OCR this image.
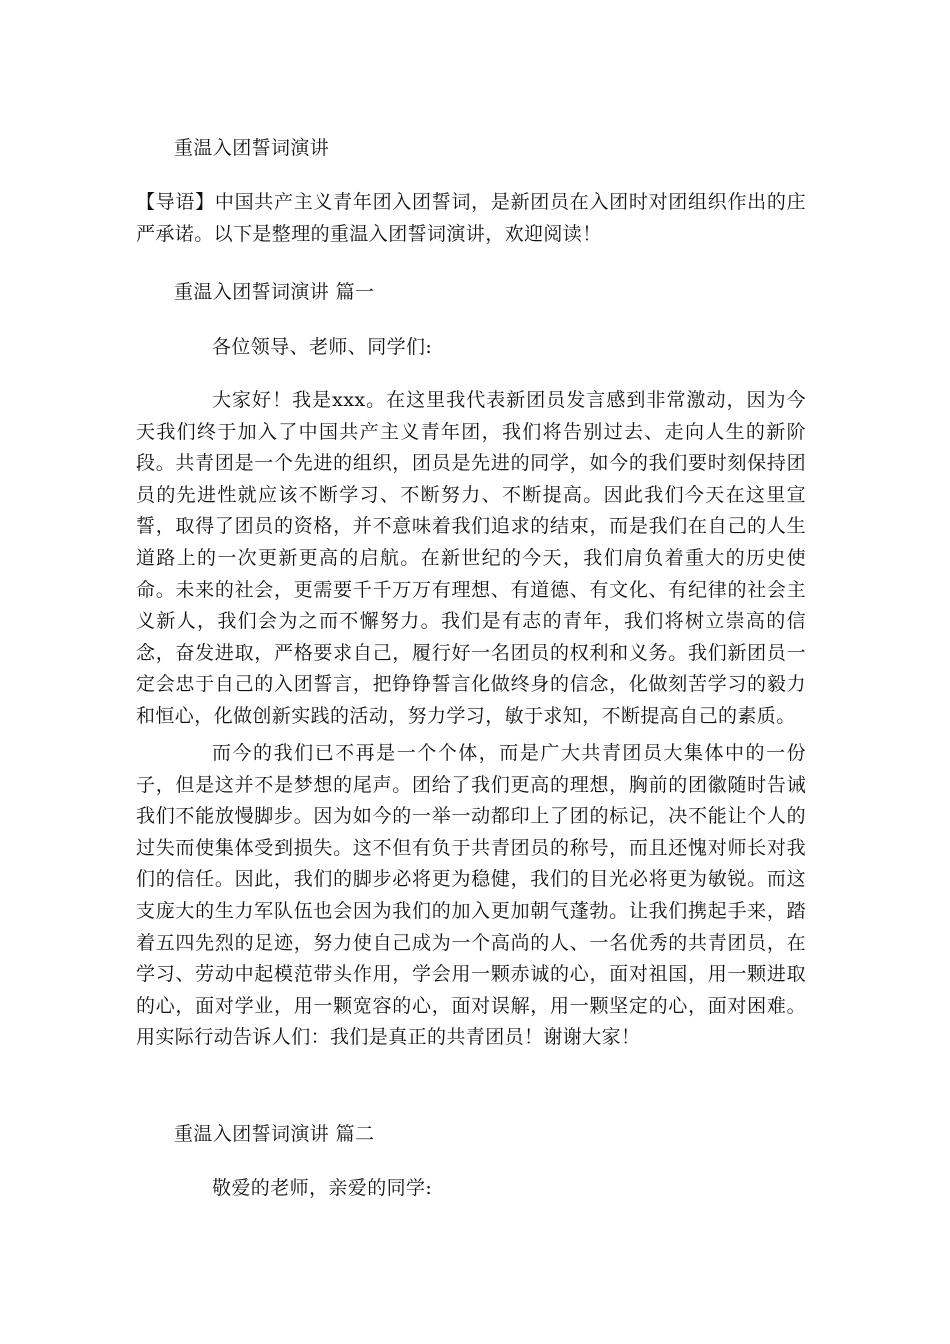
重温入团誓词演讲

【导语】中国共产主义青年团入团誓词，是新团员在入团时对团组织作出的庄严承诺。以下是整理的重温入团誓词演讲，欢迎阅读！

重温入团誓词演讲 篇一

各位领导、老师、同学们:

大家好！我是xxx。在这里我代表新团员发言感到非常激动，因为今天我们终于加入了中国共产主义青年团，我们将告别过去、走向人生的新阶段。共青团是一个先进的组织，团员是先进的同学，如今的我们要时刻保持团员的先进性就应该不断学习、不断努力、不断提高。因此我们今天在这里宣誓，取得了团员的资格，并不意味着我们追求的结束，而是我们在自己的人生道路上的一次更新更高的启航。在新世纪的今天，我们肩负着重大的历史使命。未来的社会，更需要千千万万有理想、有道德、有文化、有纪律的社会主义新人，我们会为之而不懈努力。我们是有志的青年，我们将树立崇高的信念，奋发进取，严格要求自己，履行好一名团员的权利和义务。我们新团员一定会忠于自己的入团誓言，把铮铮誓言化做终身的信念，化做刻苦学习的毅力和恒心，化做创新实践的活动，努力学习，敏于求知，不断提高自己的素质。

而今的我们已不再是一个个体，而是广大共青团员大集体中的一份子，但是这并不是梦想的尾声。团给了我们更高的理想，胸前的团徽随时告诫我们不能放慢脚步。因为如今的一举一动都印上了团的标记，决不能让个人的过失而使集体受到损失。这不但有负于共青团员的称号，而且还愧对师长对我们的信任。因此，我们的脚步必将更为稳健，我们的目光必将更为敏锐。而这支庞大的生力军队伍也会因为我们的加入更加朝气蓬勃。让我们携起手来，踏着五四先烈的足迹，努力使自己成为一个高尚的人、一名优秀的共青团员，在学习、劳动中起模范带头作用，学会用一颗赤诚的心，面对祖国，用一颗进取的心，面对学业，用一颗宽容的心，面对误解，用一颗坚定的心，面对困难。用实际行动告诉人们：我们是真正的共青团员！谢谢大家！

重温入团誓词演讲 篇二

敬爱的老师，亲爱的同学:
